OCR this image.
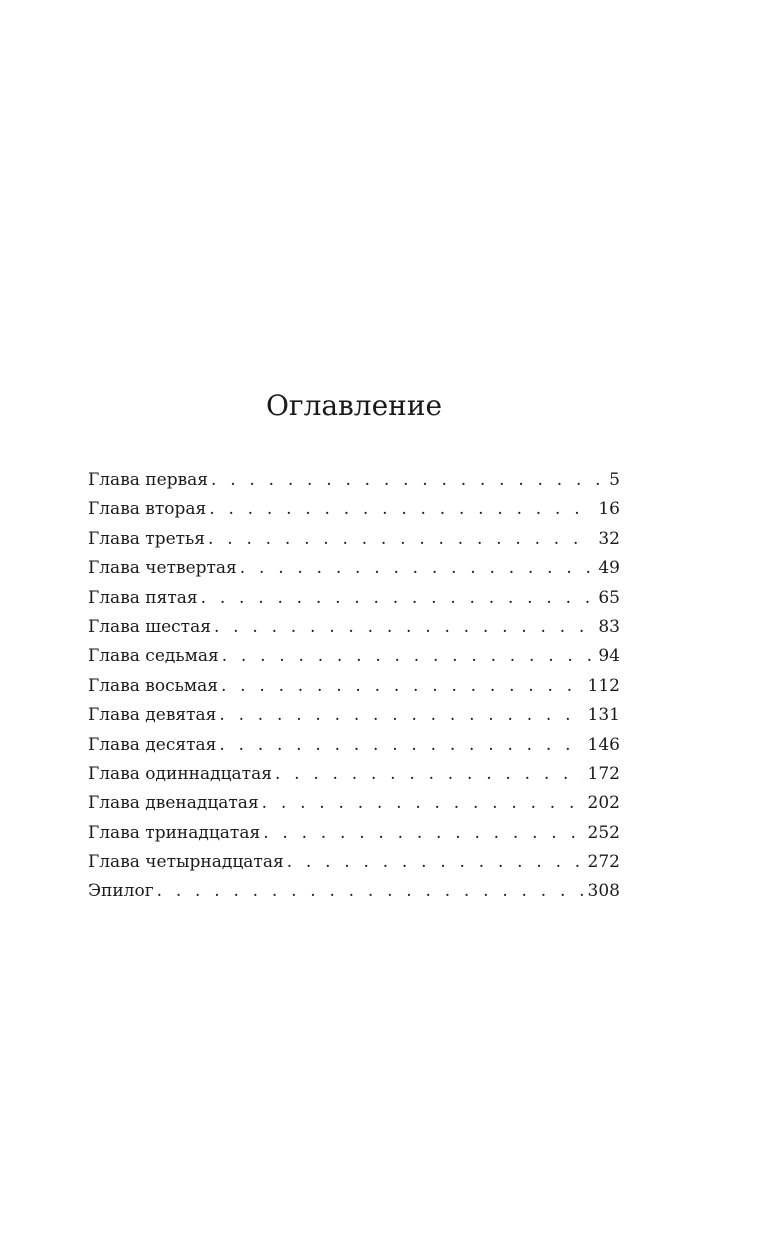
Оглавление
Глава первая . . .	5
Глава вторая . . .	16
Глава третья . . .	32
Глава четвертая . . .	49
Глава пятая . . .	65
Глава шестая . . .	83
Глава седьмая . . .	94
Глава восьмая . . .	112
Глава девятая . . .	131
Глава десятая . . .	146
Глава одиннадцатая . . .	172
Глава двенадцатая . . .	202
Глава тринадцатая . . .	252
Глава четырнадцатая . . .	272
Эпилог . . .	308
